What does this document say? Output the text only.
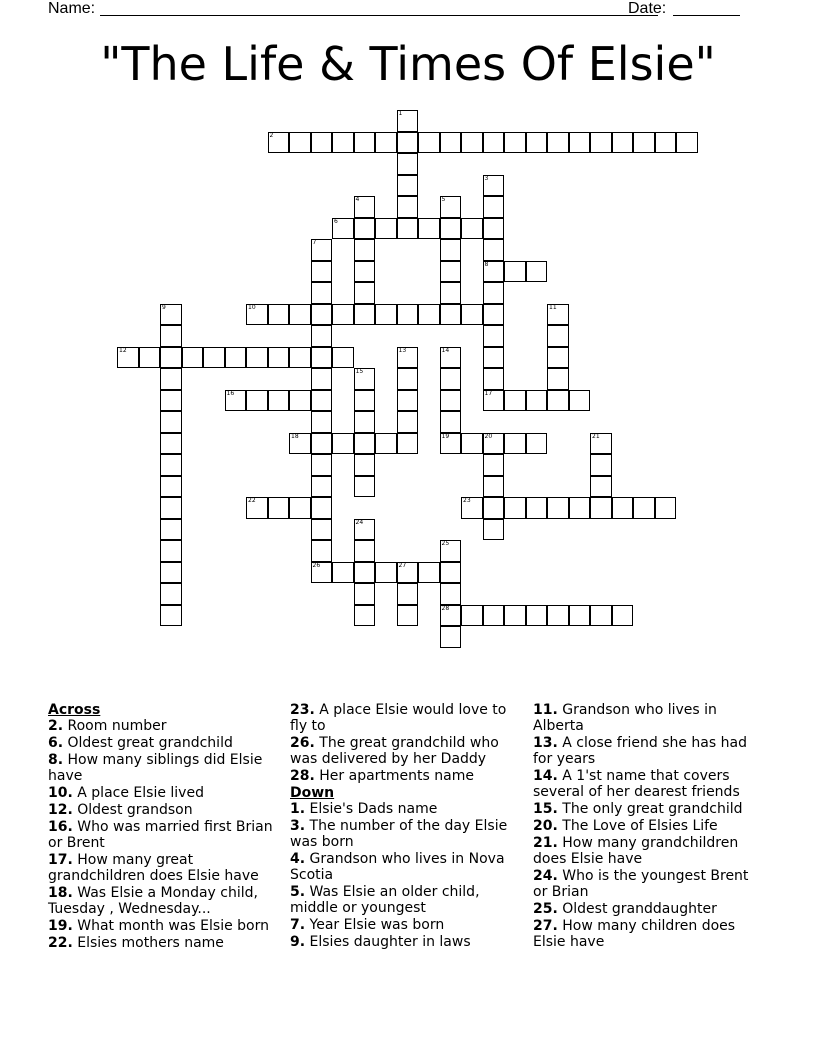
Name:	Date:
"The Life & Times Of Elsie"
2
6
8
10
12
16	17
18	19	20
22	23
26	27
28
1
3
4	5
7
9	11
13	14
15
21
24
25

Across

2. Room number

6. Oldest great grandchild

8. How many siblings did Elsie have

10. A place Elsie lived

12. Oldest grandson

16. Who was married first Brian or Brent

17. How many great grandchildren does Elsie have

18. Was Elsie a Monday child, Tuesday , Wednesday...

19. What month was Elsie born

22. Elsies mothers name

23. A place Elsie would love to fly to

26. The great grandchild who was delivered by her Daddy

28. Her apartments name

Down

1. Elsie's Dads name

3. The number of the day Elsie was born

4. Grandson who lives in Nova Scotia

5. Was Elsie an older child, middle or youngest

7. Year Elsie was born

9. Elsies daughter in laws

11. Grandson who lives in Alberta

13. A close friend she has had for years

14. A 1'st name that covers several of her dearest friends

15. The only great grandchild

20. The Love of Elsies Life

21. How many grandchildren does Elsie have

24. Who is the youngest Brent or Brian

25. Oldest granddaughter

27. How many children does Elsie have
